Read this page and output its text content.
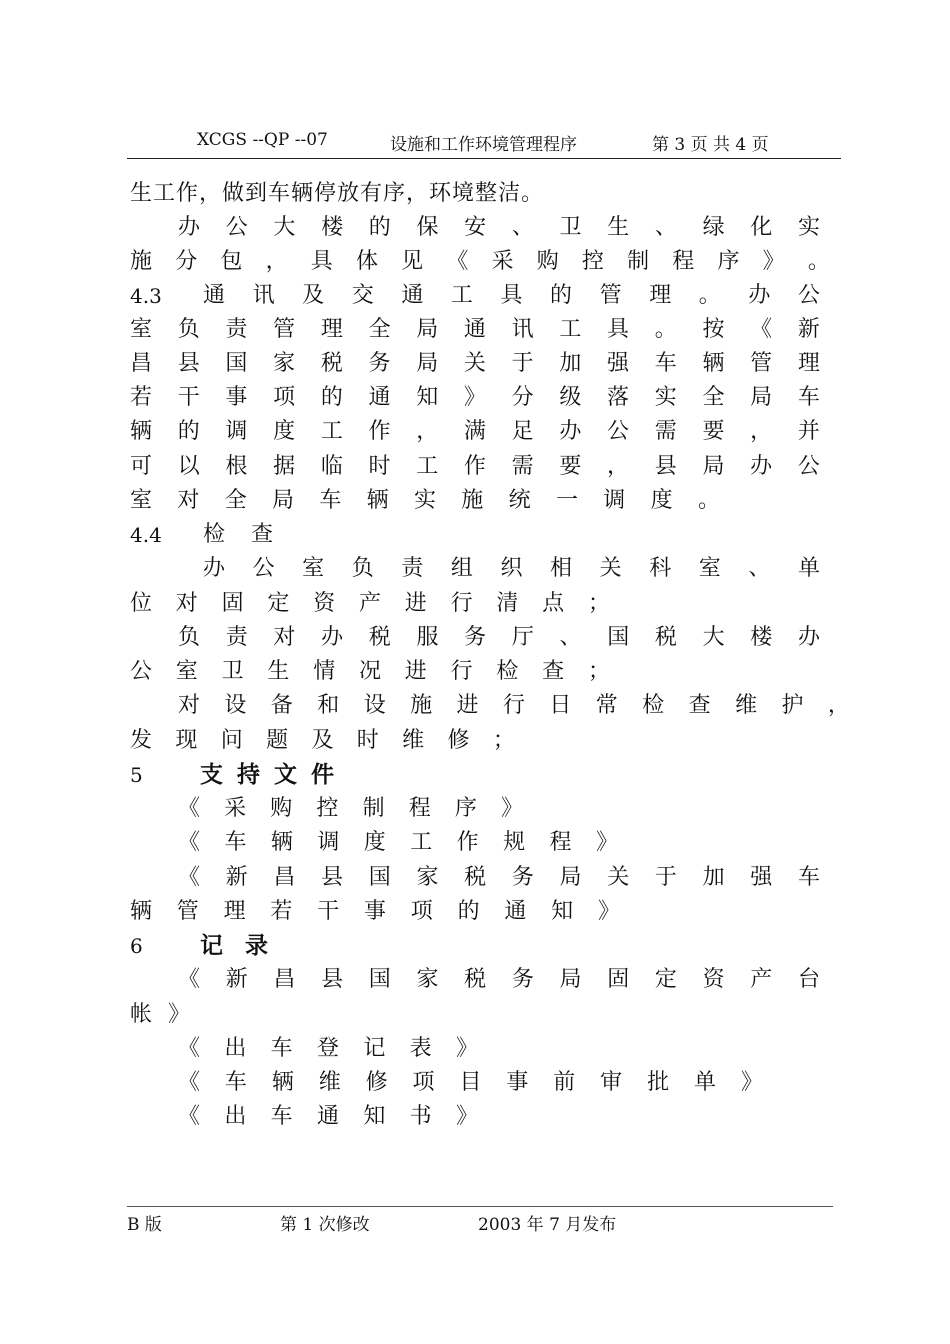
XCGS --QP --07	设施和工作环境管理程序	第 3 页 共 4 页
生工作，做到车辆停放有序，环境整洁。
办 公 大 楼 的 保 安 、 卫 生 、 绿 化 实
施 分 包 ， 具 体 见 《 采 购 控 制 程 序 》 。
4.3 通 讯 及 交 通 工 具 的 管 理 。 办 公
室 负 责 管 理 全 局 通 讯 工 具 。 按 《 新
昌 县 国 家 税 务 局 关 于 加 强 车 辆 管 理
若 干 事 项 的 通 知 》 分 级 落 实 全 局 车
辆 的 调 度 工 作 ， 满 足 办 公 需 要 ， 并
可 以 根 据 临 时 工 作 需 要 ， 县 局 办 公
室 对 全 局 车 辆 实 施 统 一 调 度 。
4.4 检 查
办 公 室 负 责 组 织 相 关 科 室 、 单
位 对 固 定 资 产 进 行 清 点 ；
负 责 对 办 税 服 务 厅 、 国 税 大 楼 办
公 室 卫 生 情 况 进 行 检 查 ；
对 设 备 和 设 施 进 行 日 常 检 查 维 护 ，
发 现 问 题 及 时 维 修 ；
5 支持文件
《 采 购 控 制 程 序 》
《 车 辆 调 度 工 作 规 程 》
《 新 昌 县 国 家 税 务 局 关 于 加 强 车
辆 管 理 若 干 事 项 的 通 知 》
6 记录
《 新 昌 县 国 家 税 务 局 固 定 资 产 台
帐 》
《 出 车 登 记 表 》
《 车 辆 维 修 项 目 事 前 审 批 单 》
《 出 车 通 知 书 》
B 版	第 1 次修改	2003 年 7 月发布
